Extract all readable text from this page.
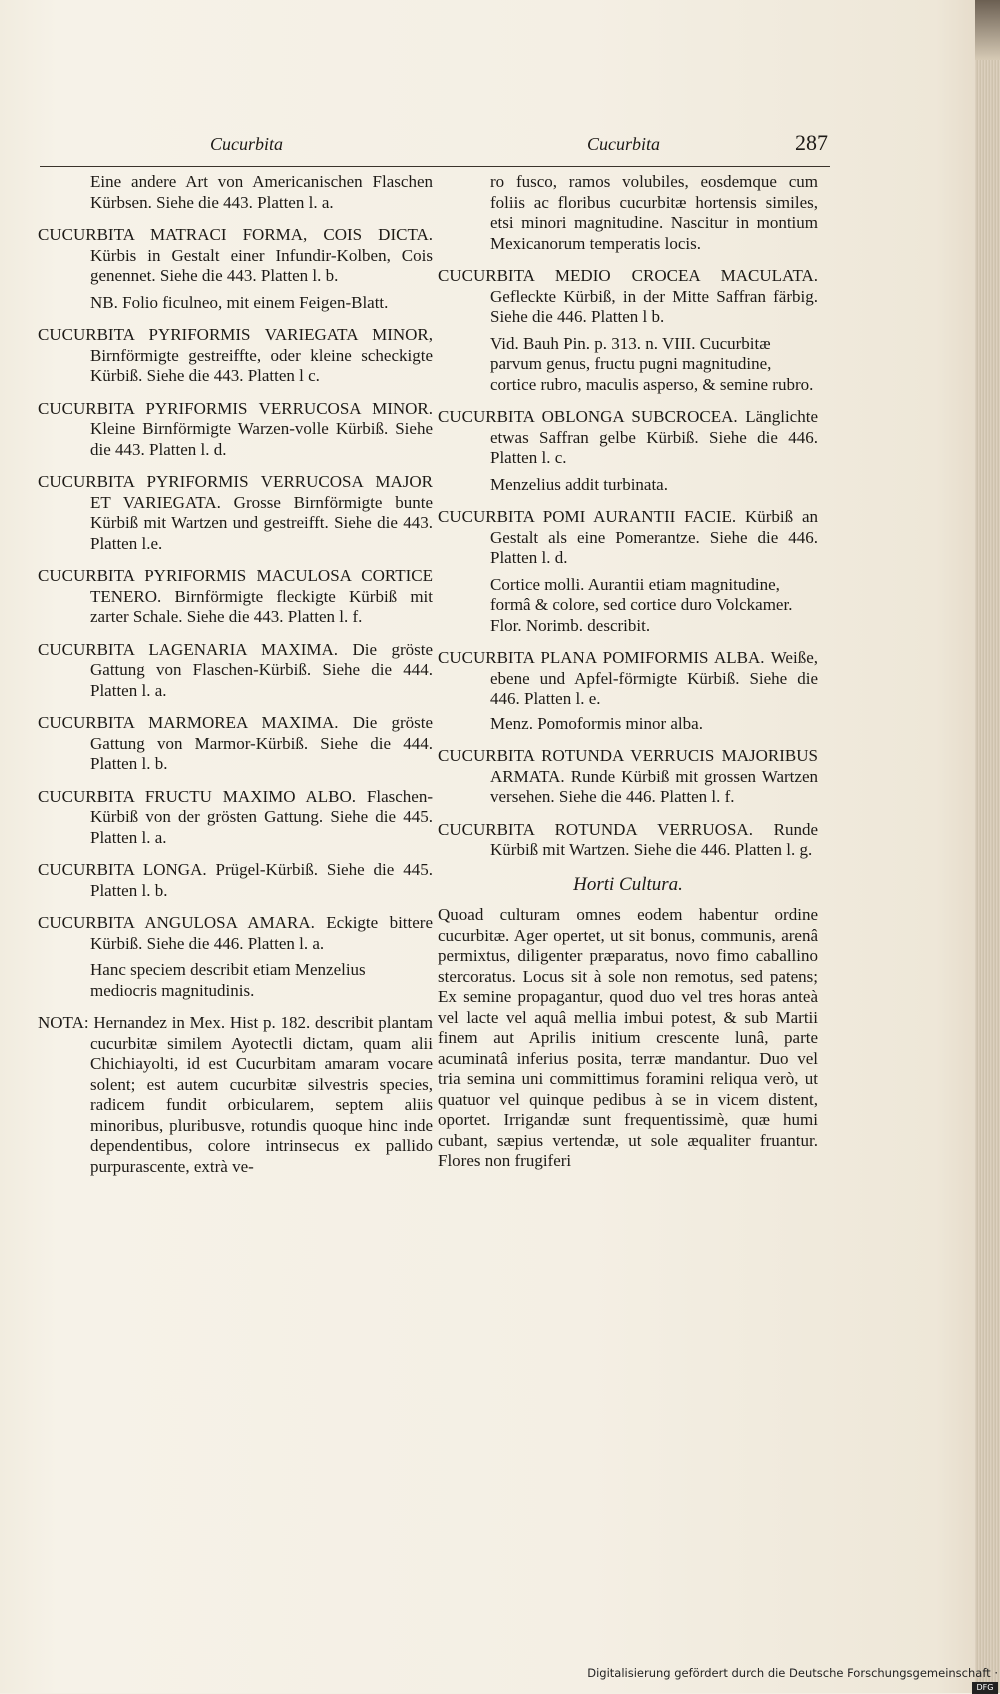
Cucurbita	Cucurbita	287

Eine andere Art von Americanischen Flaschen Kürbsen. Siehe die 443. Platten l. a.

CUCURBITA MATRACI FORMA, COIS DICTA. Kürbis in Gestalt einer Infundir-Kolben, Cois genennet. Siehe die 443. Platten l. b.

NB. Folio ficulneo, mit einem Feigen-Blatt.

CUCURBITA PYRIFORMIS VARIEGATA MINOR, Birnförmigte gestreiffte, oder kleine scheckigte Kürbiß. Siehe die 443. Platten l c.

CUCURBITA PYRIFORMIS VERRUCOSA MINOR. Kleine Birnförmigte Warzen-volle Kürbiß. Siehe die 443. Platten l. d.

CUCURBITA PYRIFORMIS VERRUCOSA MAJOR ET VARIEGATA. Grosse Birnförmigte bunte Kürbiß mit Wartzen und gestreifft. Siehe die 443. Platten l.e.

CUCURBITA PYRIFORMIS MACULOSA CORTICE TENERO. Birnförmigte fleckigte Kürbiß mit zarter Schale. Siehe die 443. Platten l. f.

CUCURBITA LAGENARIA MAXIMA. Die gröste Gattung von Flaschen-Kürbiß. Siehe die 444. Platten l. a.

CUCURBITA MARMOREA MAXIMA. Die gröste Gattung von Marmor-Kürbiß. Siehe die 444. Platten l. b.

CUCURBITA FRUCTU MAXIMO ALBO. Flaschen-Kürbiß von der grösten Gattung. Siehe die 445. Platten l. a.

CUCURBITA LONGA. Prügel-Kürbiß. Siehe die 445. Platten l. b.

CUCURBITA ANGULOSA AMARA. Eckigte bittere Kürbiß. Siehe die 446. Platten l. a.

Hanc speciem describit etiam Menzelius mediocris magnitudinis.

NOTA: Hernandez in Mex. Hist p. 182. describit plantam cucurbitæ similem Ayotectli dictam, quam alii Chichiayolti, id est Cucurbitam amaram vocare solent; est autem cucurbitæ silvestris species, radicem fundit orbicularem, septem aliis minoribus, pluribusve, rotundis quoque hinc inde dependentibus, colore intrinsecus ex pallido purpurascente, extrà ve-

ro fusco, ramos volubiles, eosdemque cum foliis ac floribus cucurbitæ hortensis similes, etsi minori magnitudine. Nascitur in montium Mexicanorum temperatis locis.

CUCURBITA MEDIO CROCEA MACULATA. Gefleckte Kürbiß, in der Mitte Saffran färbig. Siehe die 446. Platten l b.

Vid. Bauh Pin. p. 313. n. VIII. Cucurbitæ parvum genus, fructu pugni magnitudine, cortice rubro, maculis asperso, & semine rubro.

CUCURBITA OBLONGA SUBCROCEA. Länglichte etwas Saffran gelbe Kürbiß. Siehe die 446. Platten l. c.

Menzelius addit turbinata.

CUCURBITA POMI AURANTII FACIE. Kürbiß an Gestalt als eine Pomerantze. Siehe die 446. Platten l. d.

Cortice molli. Aurantii etiam magnitudine, formâ & colore, sed cortice duro Volckamer. Flor. Norimb. describit.

CUCURBITA PLANA POMIFORMIS ALBA. Weiße, ebene und Apfel-förmigte Kürbiß. Siehe die 446. Platten l. e.

Menz. Pomoformis minor alba.

CUCURBITA ROTUNDA VERRUCIS MAJORIBUS ARMATA. Runde Kürbiß mit grossen Wartzen versehen. Siehe die 446. Platten l. f.

CUCURBITA ROTUNDA VERRUOSA. Runde Kürbiß mit Wartzen. Siehe die 446. Platten l. g.

Horti Cultura.

Quoad culturam omnes eodem habentur ordine cucurbitæ. Ager opertet, ut sit bonus, communis, arenâ permixtus, diligenter præparatus, novo fimo caballino stercoratus. Locus sit à sole non remotus, sed patens; Ex semine propagantur, quod duo vel tres horas anteà vel lacte vel aquâ mellia imbui potest, & sub Martii finem aut Aprilis initium crescente lunâ, parte acuminatâ inferius posita, terræ mandantur. Duo vel tria semina uni committimus foramini reliqua verò, ut quatuor vel quinque pedibus à se in vicem distent, oportet. Irrigandæ sunt frequentissimè, quæ humi cubant, sæpius vertendæ, ut sole æqualiter fruantur. Flores non frugiferi

Digitalisierung gefördert durch die Deutsche Forschungsgemeinschaft ·DFG
